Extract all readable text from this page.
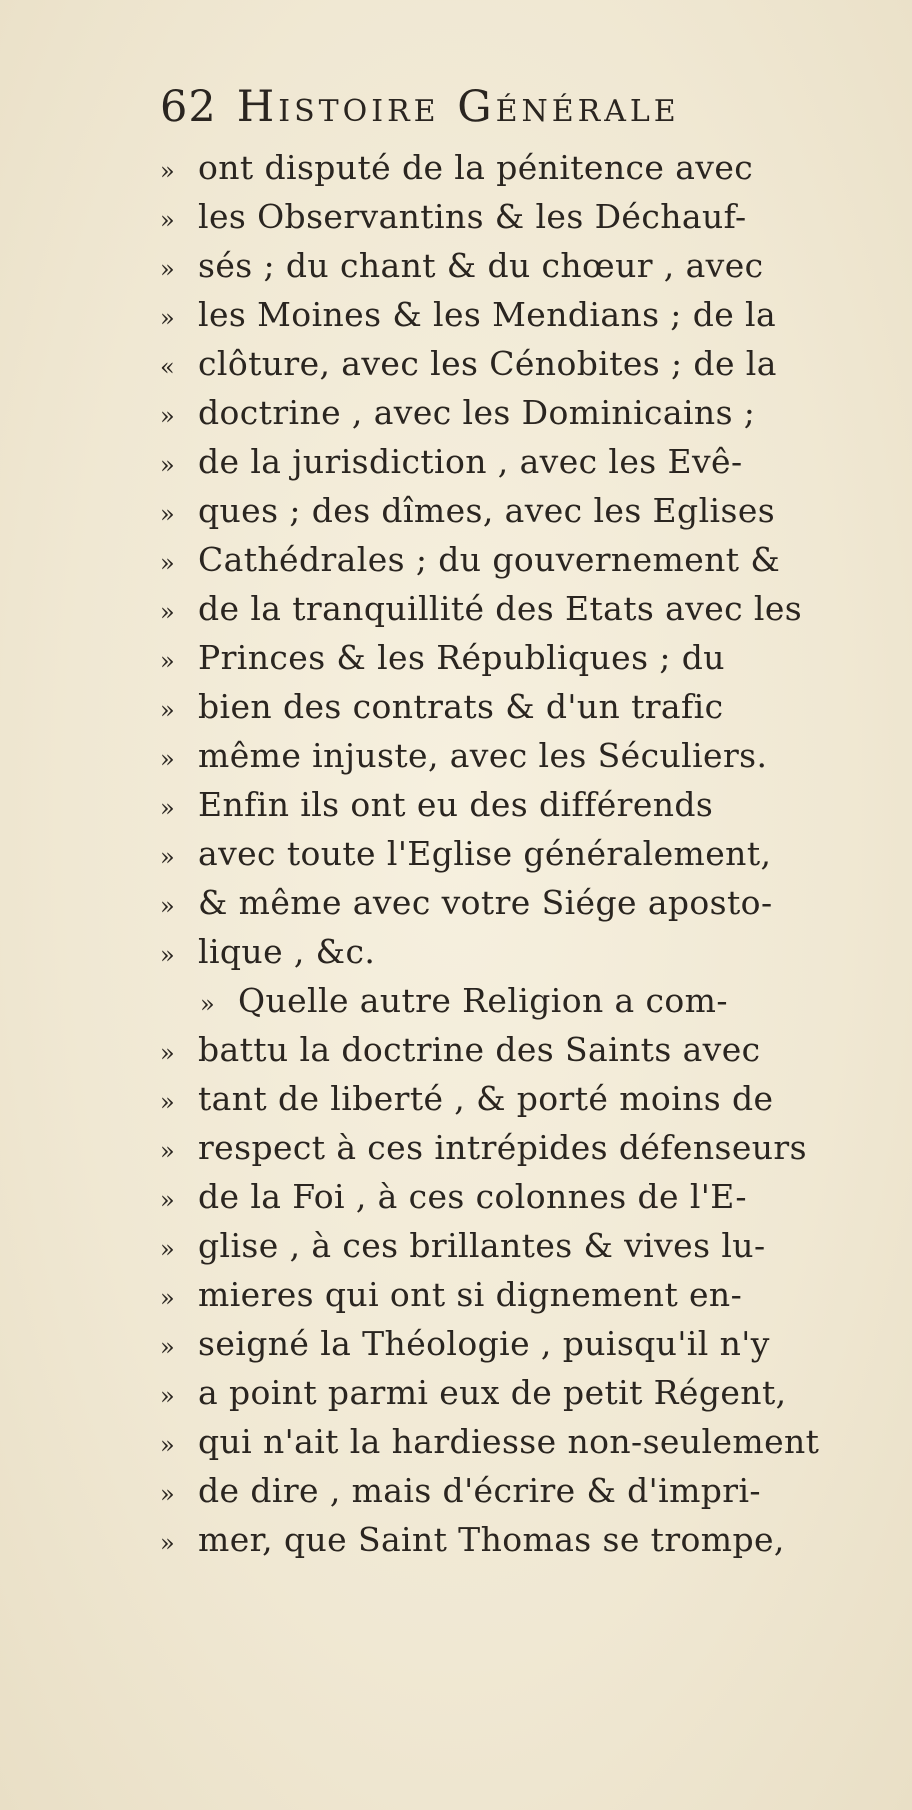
62 Histoire Générale
» ont disputé de la pénitence avec
» les Observantins & les Déchauf-
» sés ; du chant & du chœur , avec
» les Moines & les Mendians ; de la
« clôture, avec les Cénobites ; de la
» doctrine , avec les Dominicains ;
» de la jurisdiction , avec les Evê-
» ques ; des dîmes, avec les Eglises
» Cathédrales ; du gouvernement &
» de la tranquillité des Etats avec les
» Princes & les Républiques ; du
» bien des contrats & d'un trafic
» même injuste, avec les Séculiers.
» Enfin ils ont eu des différends
» avec toute l'Eglise généralement,
» & même avec votre Siége aposto-
» lique , &c.
» Quelle autre Religion a com-
» battu la doctrine des Saints avec
» tant de liberté , & porté moins de
» respect à ces intrépides défenseurs
» de la Foi , à ces colonnes de l'E-
» glise , à ces brillantes & vives lu-
» mieres qui ont si dignement en-
» seigné la Théologie , puisqu'il n'y
» a point parmi eux de petit Régent,
» qui n'ait la hardiesse non-seulement
» de dire , mais d'écrire & d'impri-
» mer, que Saint Thomas se trompe,
